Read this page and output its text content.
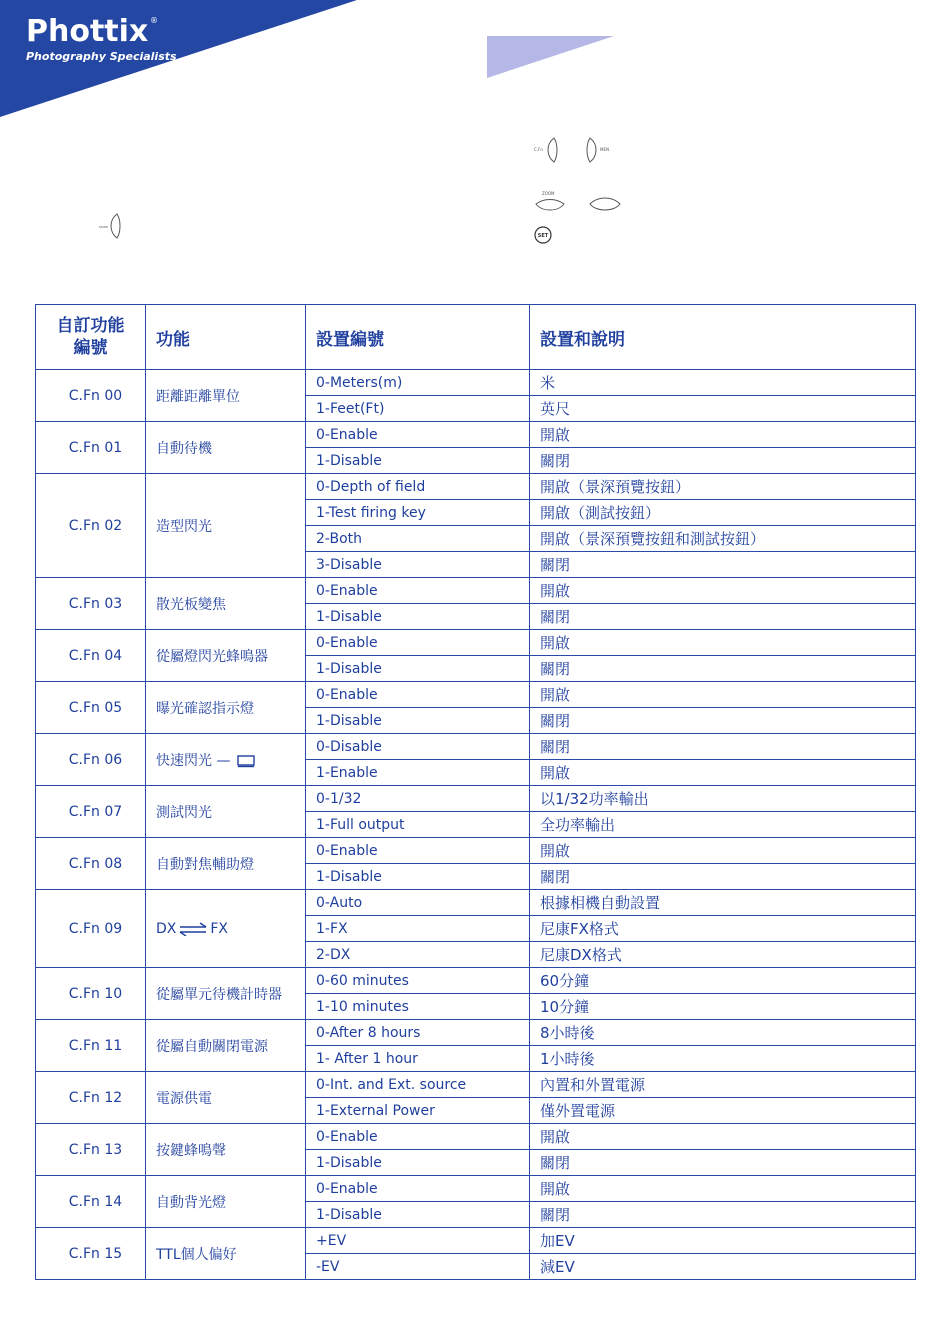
Phottix ®
Photography Specialists
MODE
C.Fn	MEN
ZOOM
SET
自訂功能
編號	功能	設置編號	設置和說明
C.Fn 00	距離距離單位	0-Meters(m)	米
		1-Feet(Ft)	英尺
C.Fn 01	自動待機	0-Enable	開啟
		1-Disable	關閉
C.Fn 02	造型閃光	0-Depth of field	開啟（景深預覽按鈕）
		1-Test firing key	開啟（測試按鈕）
		2-Both	開啟（景深預覽按鈕和測試按鈕）
		3-Disable	關閉
C.Fn 03	散光板變焦	0-Enable	開啟
		1-Disable	關閉
C.Fn 04	從屬燈閃光蜂鳴器	0-Enable	開啟
		1-Disable	關閉
C.Fn 05	曝光確認指示燈	0-Enable	開啟
		1-Disable	關閉
C.Fn 06	快速閃光 —	0-Disable	關閉
		1-Enable	開啟
C.Fn 07	測試閃光	0-1/32	以1/32功率輸出
		1-Full output	全功率輸出
C.Fn 08	自動對焦輔助燈	0-Enable	開啟
		1-Disable	關閉
C.Fn 09	DX FX	0-Auto	根據相機自動設置
		1-FX	尼康FX格式
		2-DX	尼康DX格式
C.Fn 10	從屬單元待機計時器	0-60 minutes	60分鐘
		1-10 minutes	10分鐘
C.Fn 11	從屬自動關閉電源	0-After 8 hours	8小時後
		1- After 1 hour	1小時後
C.Fn 12	電源供電	0-Int. and Ext. source	內置和外置電源
		1-External Power	僅外置電源
C.Fn 13	按鍵蜂鳴聲	0-Enable	開啟
		1-Disable	關閉
C.Fn 14	自動背光燈	0-Enable	開啟
		1-Disable	關閉
C.Fn 15	TTL個人偏好	+EV	加EV
		-EV	減EV
